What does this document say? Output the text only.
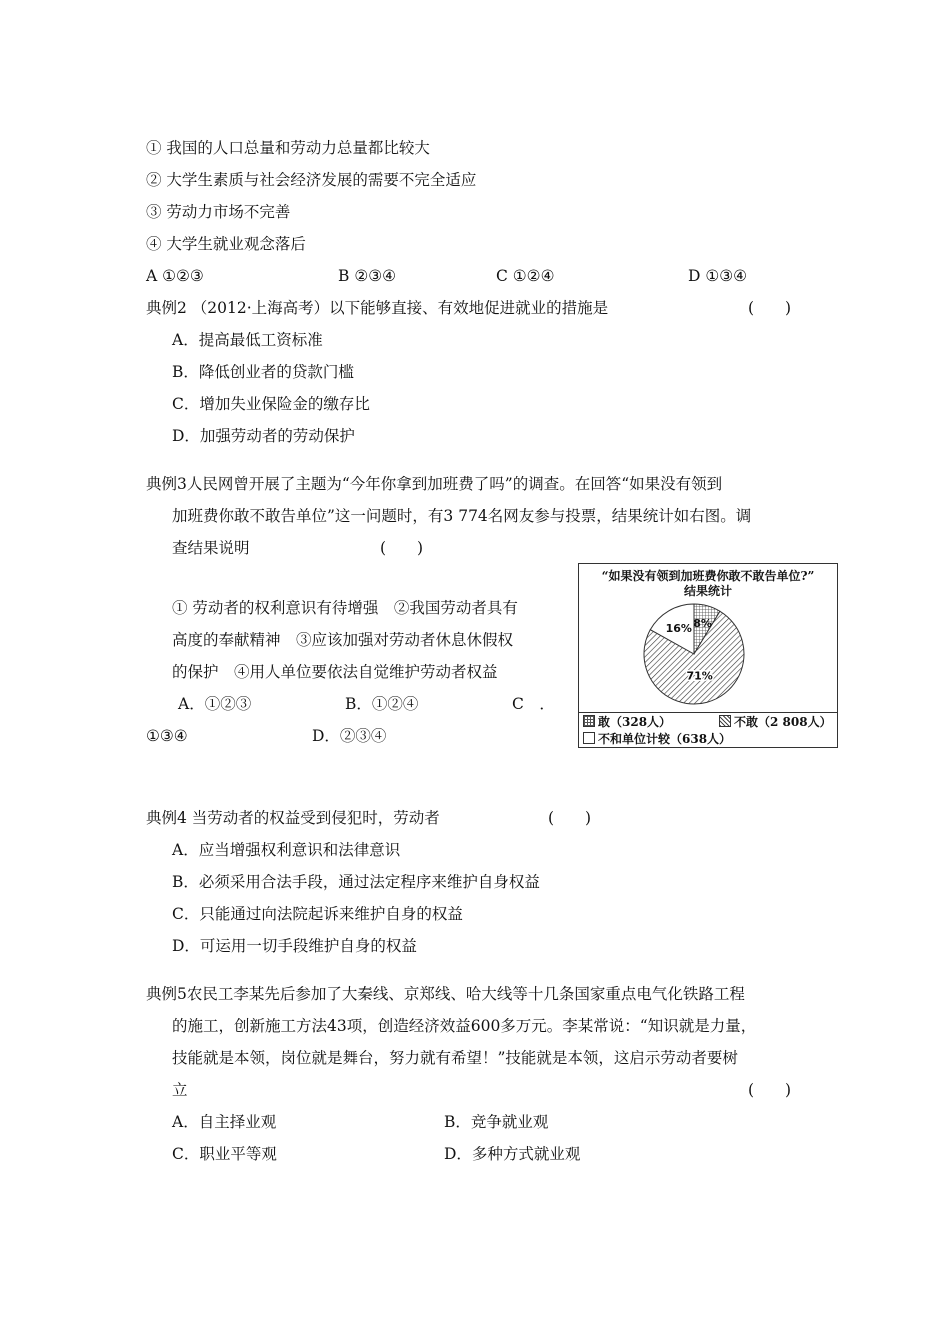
① 我国的人口总量和劳动力总量都比较大
② 大学生素质与社会经济发展的需要不完全适应
③ 劳动力市场不完善
④ 大学生就业观念落后
A ①②③	B ②③④	C ①②④	D ①③④
典例2 （2012·上海高考）以下能够直接、有效地促进就业的措施是	(　　)
A．提高最低工资标准
B．降低创业者的贷款门槛
C．增加失业保险金的缴存比
D．加强劳动者的劳动保护
典例3人民网曾开展了主题为“今年你拿到加班费了吗”的调查。在回答“如果没有领到
加班费你敢不敢告单位”这一问题时，有3 774名网友参与投票，结果统计如右图。调
查结果说明	(　　)
① 劳动者的权利意识有待增强　②我国劳动者具有
高度的奉献精神　③应该加强对劳动者休息休假权
的保护　④用人单位要依法自觉维护劳动者权益
A．①②③	B．①②④	C　．
①③④	D．②③④
“如果没有领到加班费你敢不敢告单位?”
结果统计
8%
71%
16%
敢（328人）	不敢（2 808人）
不和单位计较（638人）
典例4 当劳动者的权益受到侵犯时，劳动者	(　　)
A．应当增强权利意识和法律意识
B．必须采用合法手段，通过法定程序来维护自身权益
C．只能通过向法院起诉来维护自身的权益
D．可运用一切手段维护自身的权益
典例5农民工李某先后参加了大秦线、京郑线、哈大线等十几条国家重点电气化铁路工程
的施工，创新施工方法43项，创造经济效益600多万元。李某常说：“知识就是力量，
技能就是本领，岗位就是舞台，努力就有希望！”技能就是本领，这启示劳动者要树
立	(　　)
A．自主择业观	B．竞争就业观
C．职业平等观	D．多种方式就业观
